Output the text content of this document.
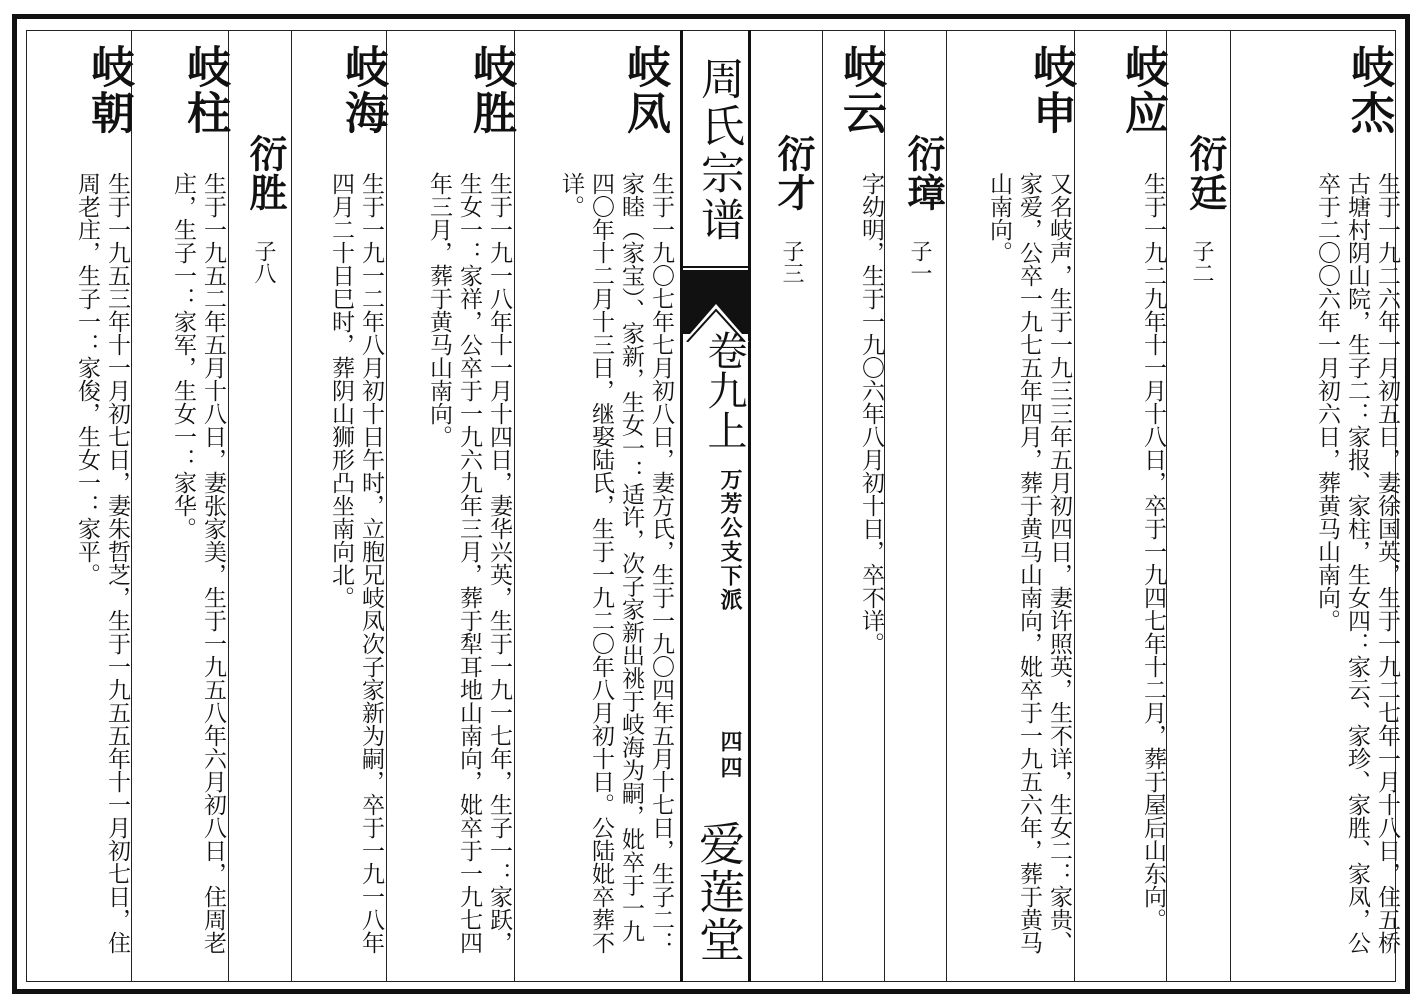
周氏宗谱
卷九上
万芳公支下派
四四
爱莲堂
岐杰
生于一九二六年一月初五日，妻徐国英，生于一九二七年一月十八日，住五桥古塘村阴山院，生子二：家报、家柱，生女四：家云、家珍、家胜、家凤，公卒于二〇〇六年一月初六日，葬黄马山南向。
衍廷
子二
岐应
生于一九二九年十一月十八日，卒于一九四七年十二月，葬于屋后山东向。
岐申
又名岐声，生于一九三三年五月初四日，妻许照英，生不详，生女二：家贵、家爱，公卒一九七五年四月，葬于黄马山南向，妣卒于一九五六年，葬于黄马山南向。
衍璋
子一
岐云
字幼明，生于一九〇六年八月初十日，卒不详。
衍才
子三
岐凤
生于一九〇七年七月初八日，妻方氏，生于一九〇四年五月十七日，生子二：家睦（家宝）、家新，生女一：适许，次子家新出祧于岐海为嗣，妣卒于一九四〇年十二月十三日，继娶陆氏，生于一九二〇年八月初十日。公陆妣卒葬不详。
岐胜
生于一九一八年十一月十四日，妻华兴英，生于一九一七年，生子一：家跃，生女一：家祥，公卒于一九六九年三月，葬于犁耳地山南向，妣卒于一九七四年三月，葬于黄马山南向。
岐海
生于一九一二年八月初十日午时，立胞兄岐凤次子家新为嗣，卒于一九一八年四月二十日巳时，葬阴山狮形凸坐南向北。
衍胜
子八
岐柱
生于一九五二年五月十八日，妻张家美，生于一九五八年六月初八日，住周老庄，生子一：家军，生女一：家华。
岐朝
生于一九五三年十一月初七日，妻朱哲芝，生于一九五五年十一月初七日，住周老庄，生子一：家俊，生女一：家平。
